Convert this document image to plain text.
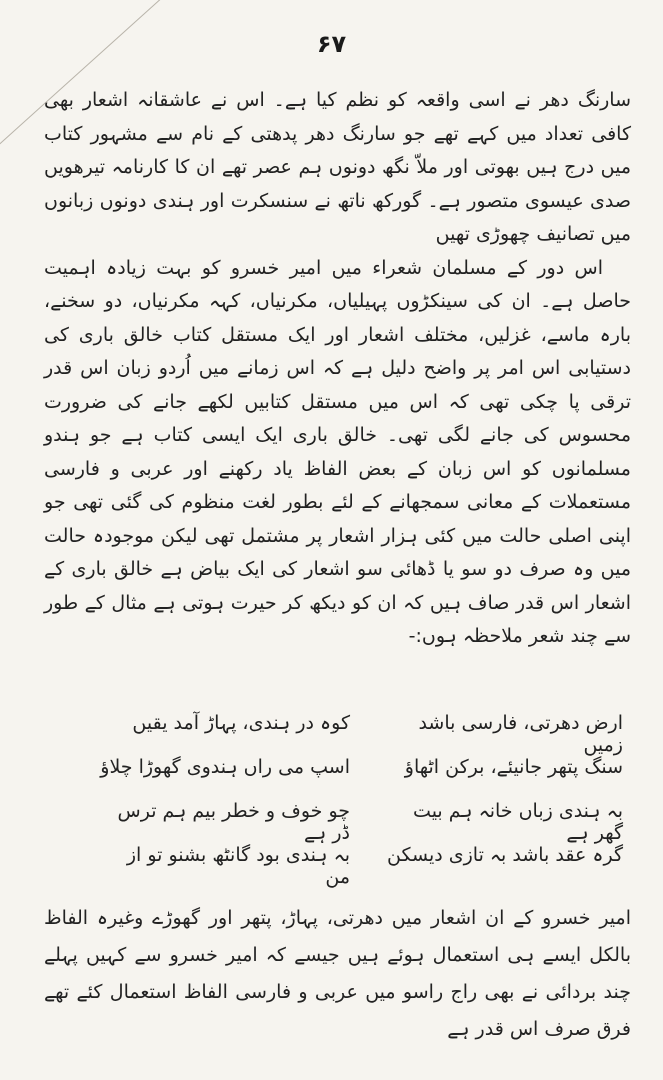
۶۷

سارنگ دھر نے اسی واقعہ کو نظم کیا ہے۔ اس نے عاشقانہ اشعار بھی کافی تعداد میں کہے تھے جو سارنگ دھر پدھتی کے نام سے مشہور کتاب میں درج ہیں بھوتی اور ملاّ نگھ دونوں ہم عصر تھے ان کا کارنامہ تیرھویں صدی عیسوی متصور ہے۔ گورکھ ناتھ نے سنسکرت اور ہندی دونوں زبانوں میں تصانیف چھوڑی تھیں

اس دور کے مسلمان شعراء میں امیر خسرو کو بہت زیادہ اہمیت حاصل ہے۔ ان کی سینکڑوں پہیلیاں، مکرنیاں، کہہ مکرنیاں، دو سخنے، بارہ ماسے، غزلیں، مختلف اشعار اور ایک مستقل کتاب خالق باری کی دستیابی اس امر پر واضح دلیل ہے کہ اس زمانے میں اُردو زبان اس قدر ترقی پا چکی تھی کہ اس میں مستقل کتابیں لکھے جانے کی ضرورت محسوس کی جانے لگی تھی۔ خالق باری ایک ایسی کتاب ہے جو ہندو مسلمانوں کو اس زبان کے بعض الفاظ یاد رکھنے اور عربی و فارسی مستعملات کے معانی سمجھانے کے لئے بطور لغت منظوم کی گئی تھی جو اپنی اصلی حالت میں کئی ہزار اشعار پر مشتمل تھی لیکن موجودہ حالت میں وہ صرف دو سو یا ڈھائی سو اشعار کی ایک بیاض ہے خالق باری کے اشعار اس قدر صاف ہیں کہ ان کو دیکھ کر حیرت ہوتی ہے مثال کے طور سے چند شعر ملاحظہ ہوں:-

ارض دھرتی، فارسی باشد زمیں
کوہ در ہندی، پہاڑ آمد یقیں
سنگ پتھر جانیئے، برکن اٹھاؤ
اسپ می راں ہندوی گھوڑا چلاؤ
بہ ہندی زباں خانہ ہم بیت گھر ہے
چو خوف و خطر بیم ہم ترس ڈر ہے
گرہ عقد باشد بہ تازی دیسکن
بہ ہندی بود گانٹھ بشنو تو از من

امیر خسرو کے ان اشعار میں دھرتی، پہاڑ، پتھر اور گھوڑے وغیرہ الفاظ بالکل ایسے ہی استعمال ہوئے ہیں جیسے کہ امیر خسرو سے کہیں پہلے چند بردائی نے بھی راج راسو میں عربی و فارسی الفاظ استعمال کئے تھے فرق صرف اس قدر ہے
